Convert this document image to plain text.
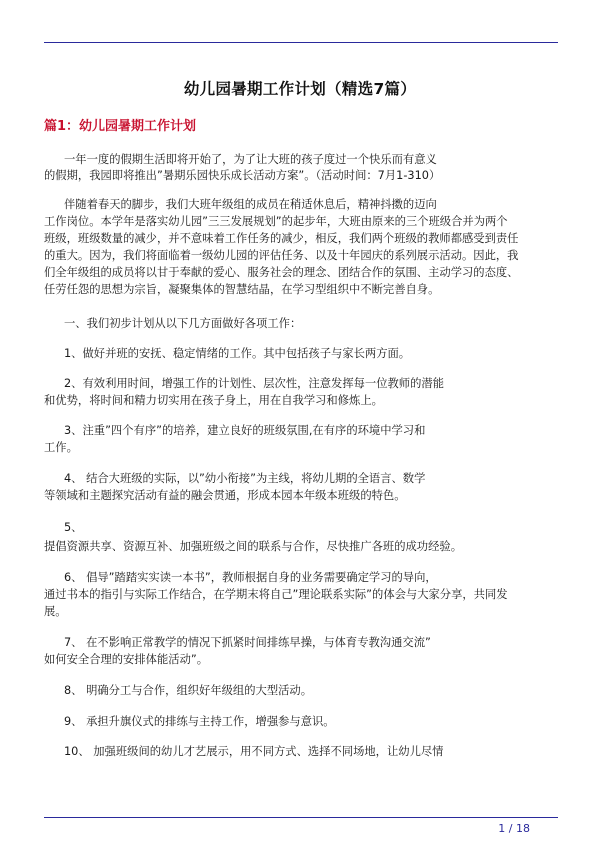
幼儿园暑期工作计划（精选7篇）
篇1：幼儿园暑期工作计划
一年一度的假期生活即将开始了，为了让大班的孩子度过一个快乐而有意义
的假期，我园即将推出”暑期乐园快乐成长活动方案”。（活动时间：7月1-310）
伴随着春天的脚步，我们大班年级组的成员在稍适休息后，精神抖擞的迈向
工作岗位。本学年是落实幼儿园”三三发展规划”的起步年，大班由原来的三个班级合并为两个
班级，班级数量的减少，并不意味着工作任务的减少，相反，我们两个班级的教师都感受到责任
的重大。因为，我们将面临着一级幼儿园的评估任务、以及十年园庆的系列展示活动。因此，我
们全年级组的成员将以甘于奉献的爱心、服务社会的理念、团结合作的氛围、主动学习的态度、
任劳任怨的思想为宗旨，凝聚集体的智慧结晶，在学习型组织中不断完善自身。
一、我们初步计划从以下几方面做好各项工作：
1、做好并班的安抚、稳定情绪的工作。其中包括孩子与家长两方面。
2、有效利用时间，增强工作的计划性、层次性，注意发挥每一位教师的潜能
和优势，将时间和精力切实用在孩子身上，用在自我学习和修炼上。
3、注重”四个有序”的培养，建立良好的班级氛围,在有序的环境中学习和
工作。
4、 结合大班级的实际，以”幼小衔接”为主线，将幼儿期的全语言、数学
等领域和主题探究活动有益的融会贯通，形成本园本年级本班级的特色。
5、
提倡资源共享、资源互补、加强班级之间的联系与合作，尽快推广各班的成功经验。
6、 倡导”踏踏实实读一本书”，教师根据自身的业务需要确定学习的导向，
通过书本的指引与实际工作结合，在学期末将自己”理论联系实际”的体会与大家分享，共同发
展。
7、 在不影响正常教学的情况下抓紧时间排练早操，与体育专教沟通交流”
如何安全合理的安排体能活动”。
8、 明确分工与合作，组织好年级组的大型活动。
9、 承担升旗仪式的排练与主持工作，增强参与意识。
10、 加强班级间的幼儿才艺展示，用不同方式、选择不同场地，让幼儿尽情
1 / 18
